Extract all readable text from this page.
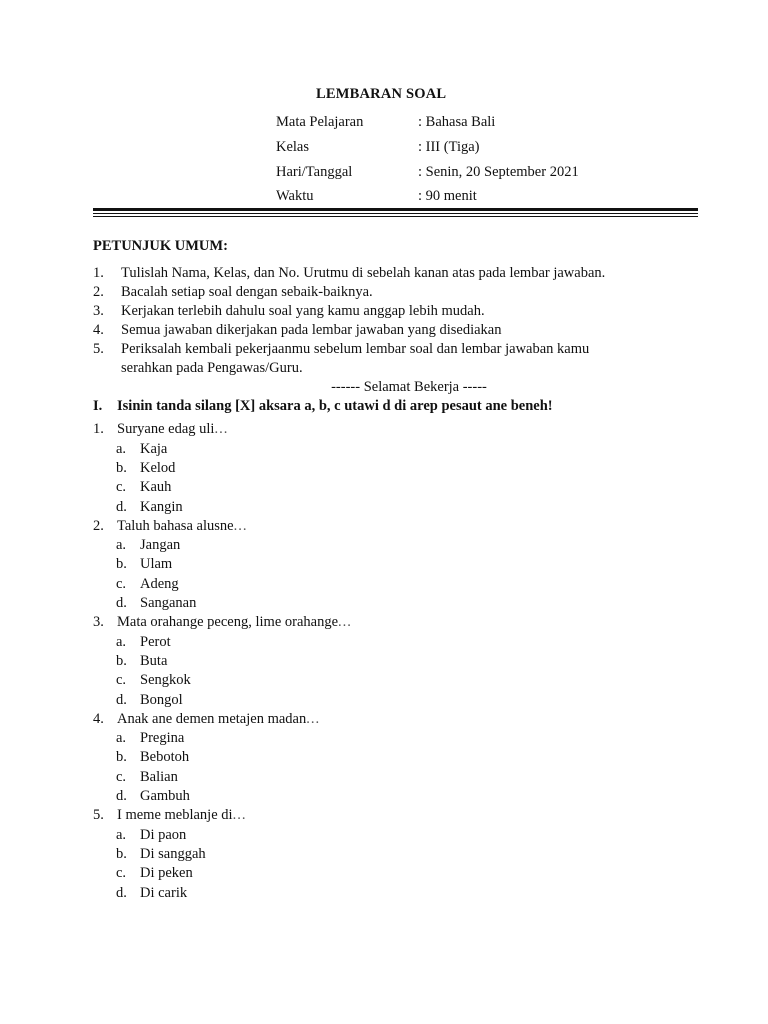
LEMBARAN SOAL
Mata Pelajaran	: Bahasa Bali
Kelas	: III (Tiga)
Hari/Tanggal	: Senin, 20 September 2021
Waktu	: 90 menit
PETUNJUK UMUM:
1. Tulislah Nama, Kelas, dan No. Urutmu di sebelah kanan atas pada lembar jawaban.
2. Bacalah setiap soal dengan sebaik-baiknya.
3. Kerjakan terlebih dahulu soal yang kamu anggap lebih mudah.
4. Semua jawaban dikerjakan pada lembar jawaban yang disediakan
5. Periksalah kembali pekerjaanmu sebelum lembar soal dan lembar jawaban kamu
serahkan pada Pengawas/Guru.
------ Selamat Bekerja -----
I. Isinin tanda silang [X] aksara a, b, c utawi d di arep pesaut ane beneh!
1. Suryane edag uli...
a. Kaja
b. Kelod
c. Kauh
d. Kangin
2. Taluh bahasa alusne...
a. Jangan
b. Ulam
c. Adeng
d. Sanganan
3. Mata orahange peceng, lime orahange...
a. Perot
b. Buta
c. Sengkok
d. Bongol
4. Anak ane demen metajen madan...
a. Pregina
b. Bebotoh
c. Balian
d. Gambuh
5. I meme meblanje di...
a. Di paon
b. Di sanggah
c. Di peken
d. Di carik
